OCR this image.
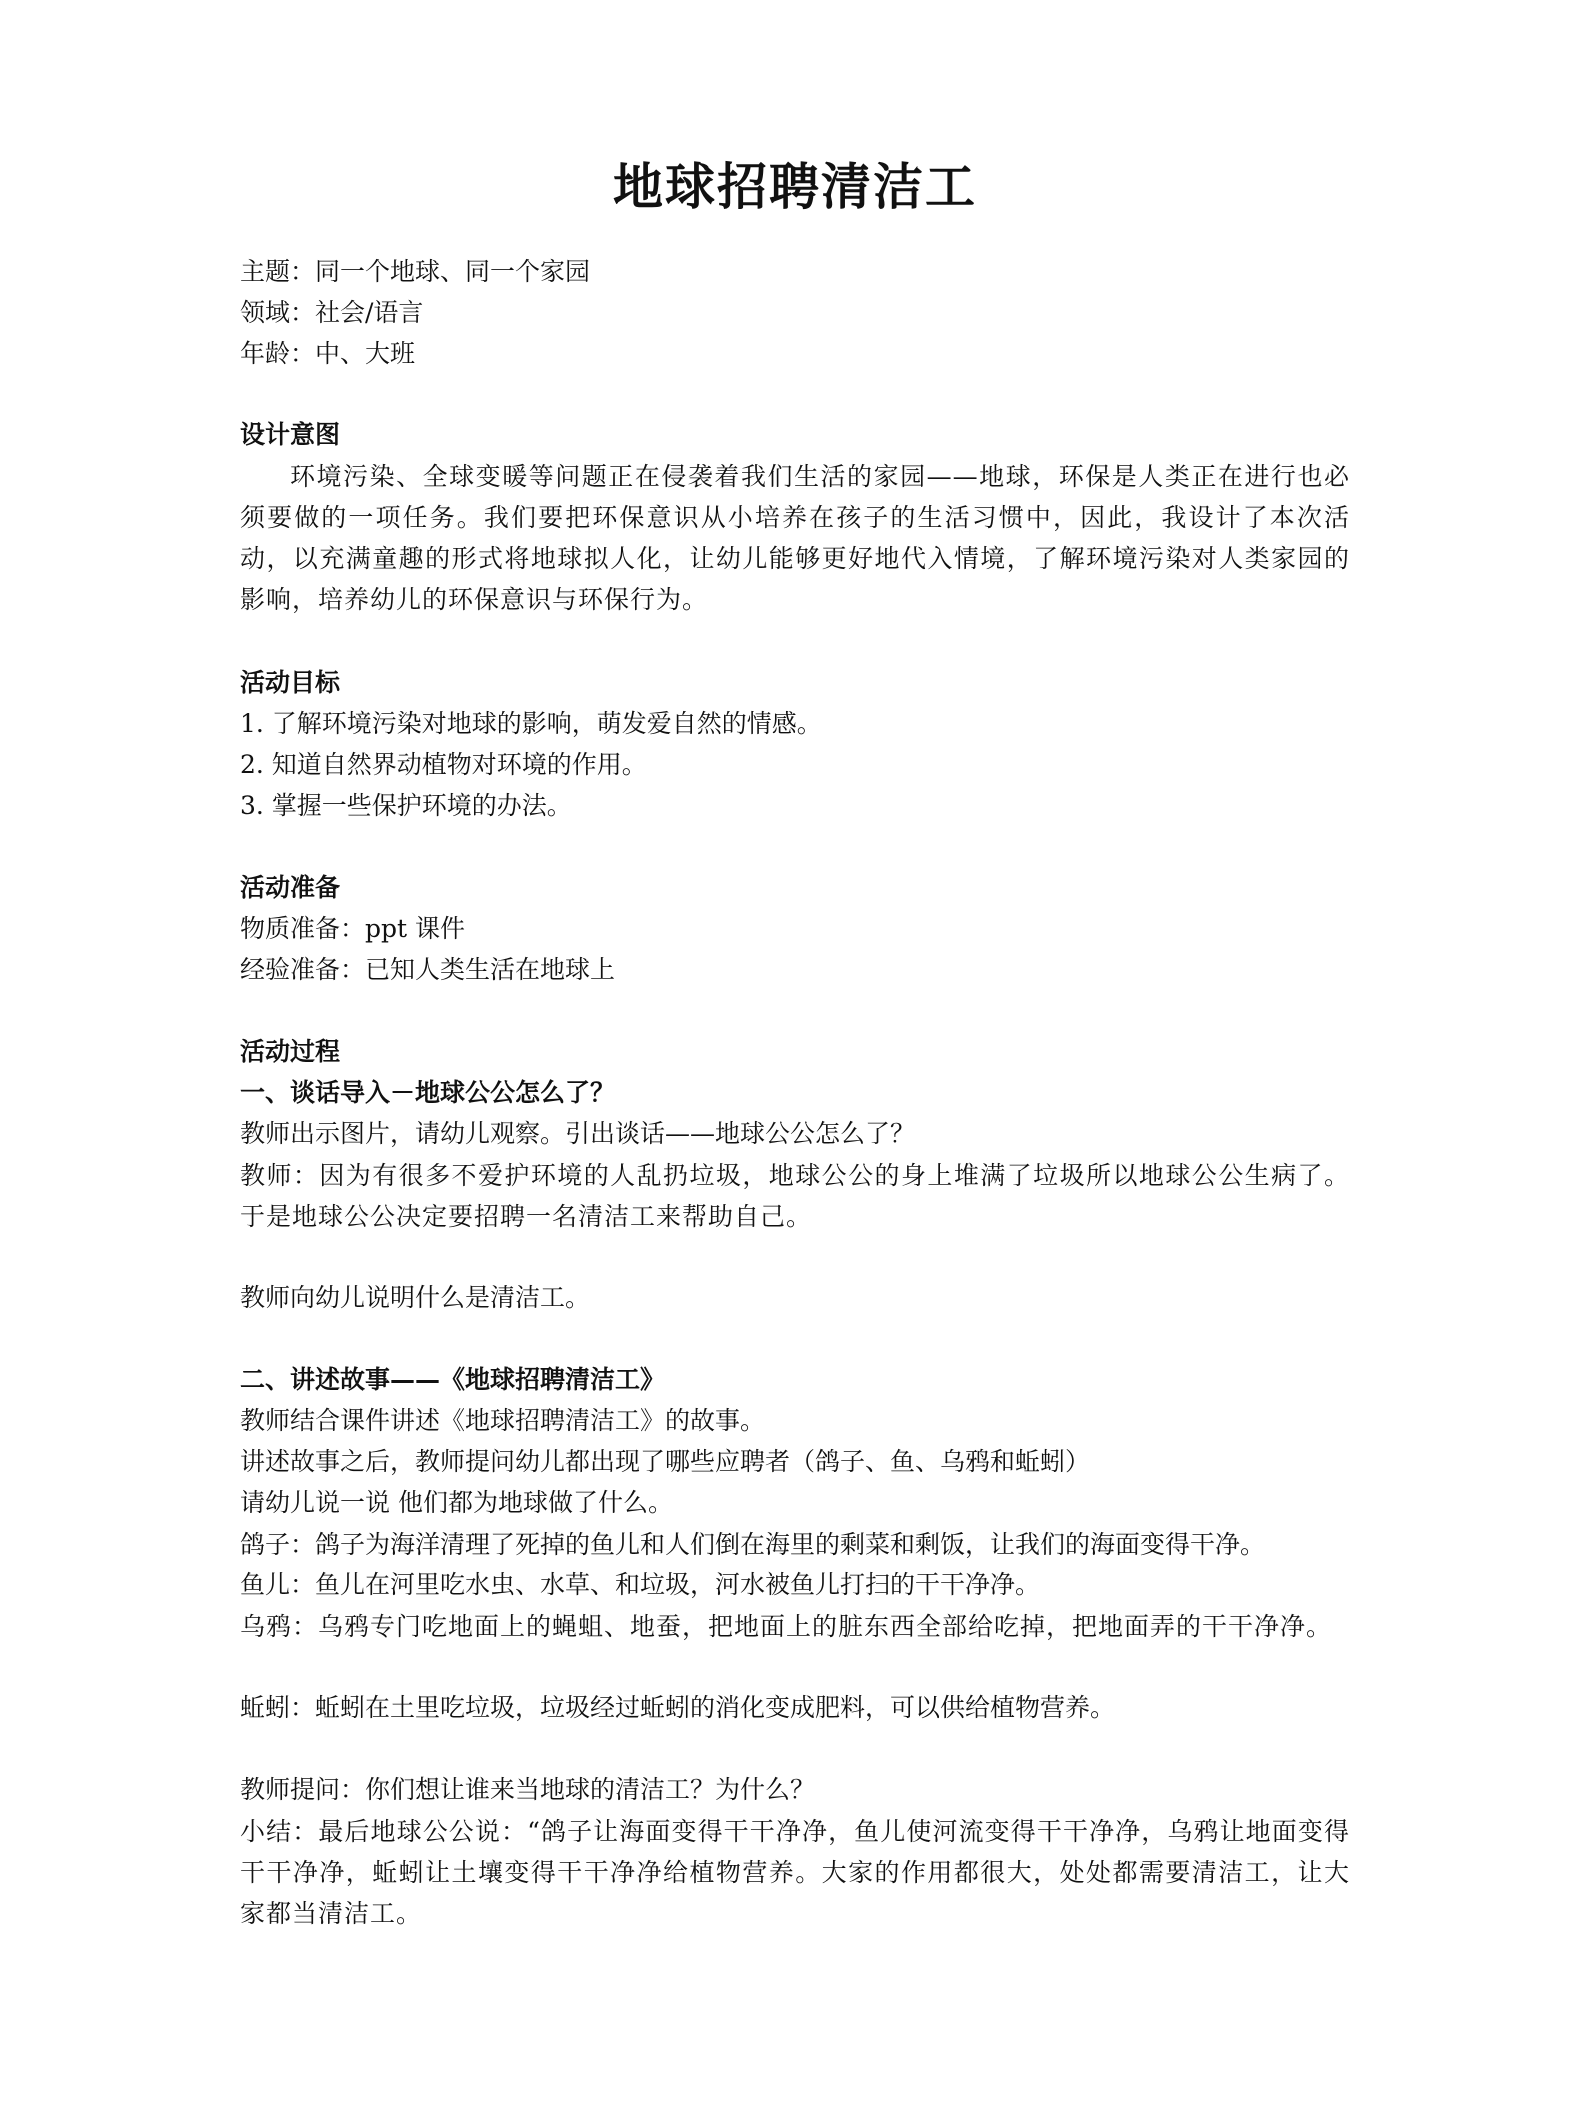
地球招聘清洁工
主题：同一个地球、同一个家园
领域：社会/语言
年龄：中、大班
设计意图
环境污染、全球变暖等问题正在侵袭着我们生活的家园——地球，环保是人类正在进行也必须要做的一项任务。我们要把环保意识从小培养在孩子的生活习惯中，因此，我设计了本次活动，以充满童趣的形式将地球拟人化，让幼儿能够更好地代入情境，了解环境污染对人类家园的影响，培养幼儿的环保意识与环保行为。
活动目标
1. 了解环境污染对地球的影响，萌发爱自然的情感。
2. 知道自然界动植物对环境的作用。
3. 掌握一些保护环境的办法。
活动准备
物质准备：ppt 课件
经验准备：已知人类生活在地球上
活动过程
一、谈话导入－地球公公怎么了？
教师出示图片，请幼儿观察。引出谈话——地球公公怎么了？
教师：因为有很多不爱护环境的人乱扔垃圾，地球公公的身上堆满了垃圾所以地球公公生病了。于是地球公公决定要招聘一名清洁工来帮助自己。
教师向幼儿说明什么是清洁工。
二、讲述故事——《地球招聘清洁工》
教师结合课件讲述《地球招聘清洁工》的故事。
讲述故事之后，教师提问幼儿都出现了哪些应聘者（鸽子、鱼、乌鸦和蚯蚓）
请幼儿说一说 他们都为地球做了什么。
鸽子：鸽子为海洋清理了死掉的鱼儿和人们倒在海里的剩菜和剩饭，让我们的海面变得干净。
鱼儿：鱼儿在河里吃水虫、水草、和垃圾，河水被鱼儿打扫的干干净净。
乌鸦：乌鸦专门吃地面上的蝇蛆、地蚕，把地面上的脏东西全部给吃掉，把地面弄的干干净净。
蚯蚓：蚯蚓在土里吃垃圾，垃圾经过蚯蚓的消化变成肥料，可以供给植物营养。
教师提问：你们想让谁来当地球的清洁工？为什么？
小结：最后地球公公说：“鸽子让海面变得干干净净，鱼儿使河流变得干干净净，乌鸦让地面变得干干净净，蚯蚓让土壤变得干干净净给植物营养。大家的作用都很大，处处都需要清洁工，让大家都当清洁工。
